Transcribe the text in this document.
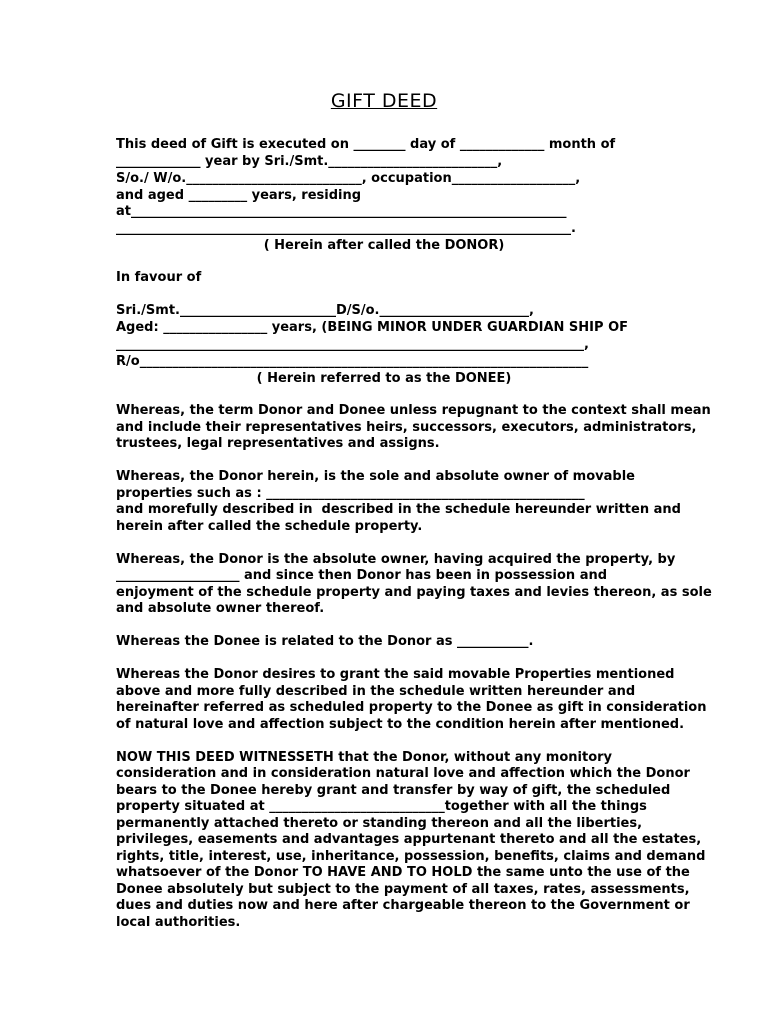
GIFT DEED
This deed of Gift is executed on ________ day of _____________ month of
_____________ year by Sri./Smt.__________________________,
S/o./ W/o.___________________________, occupation___________________,
and aged _________ years, residing
at___________________________________________________________________
______________________________________________________________________.
( Herein after called the DONOR)
In favour of
Sri./Smt.________________________D/S/o._______________________,
Aged: ________________ years, (BEING MINOR UNDER GUARDIAN SHIP OF
________________________________________________________________________,
R/o_____________________________________________________________________
( Herein referred to as the DONEE)
Whereas, the term Donor and Donee unless repugnant to the context shall mean
and include their representatives heirs, successors, executors, administrators,
trustees, legal representatives and assigns.
Whereas, the Donor herein, is the sole and absolute owner of movable
properties such as : _________________________________________________
and morefully described in  described in the schedule hereunder written and
herein after called the schedule property.
Whereas, the Donor is the absolute owner, having acquired the property, by
___________________ and since then Donor has been in possession and
enjoyment of the schedule property and paying taxes and levies thereon, as sole
and absolute owner thereof.
Whereas the Donee is related to the Donor as ___________.
Whereas the Donor desires to grant the said movable Properties mentioned
above and more fully described in the schedule written hereunder and
hereinafter referred as scheduled property to the Donee as gift in consideration
of natural love and affection subject to the condition herein after mentioned.
NOW THIS DEED WITNESSETH that the Donor, without any monitory
consideration and in consideration natural love and affection which the Donor
bears to the Donee hereby grant and transfer by way of gift, the scheduled
property situated at ___________________________together with all the things
permanently attached thereto or standing thereon and all the liberties,
privileges, easements and advantages appurtenant thereto and all the estates,
rights, title, interest, use, inheritance, possession, benefits, claims and demand
whatsoever of the Donor TO HAVE AND TO HOLD the same unto the use of the
Donee absolutely but subject to the payment of all taxes, rates, assessments,
dues and duties now and here after chargeable thereon to the Government or
local authorities.
